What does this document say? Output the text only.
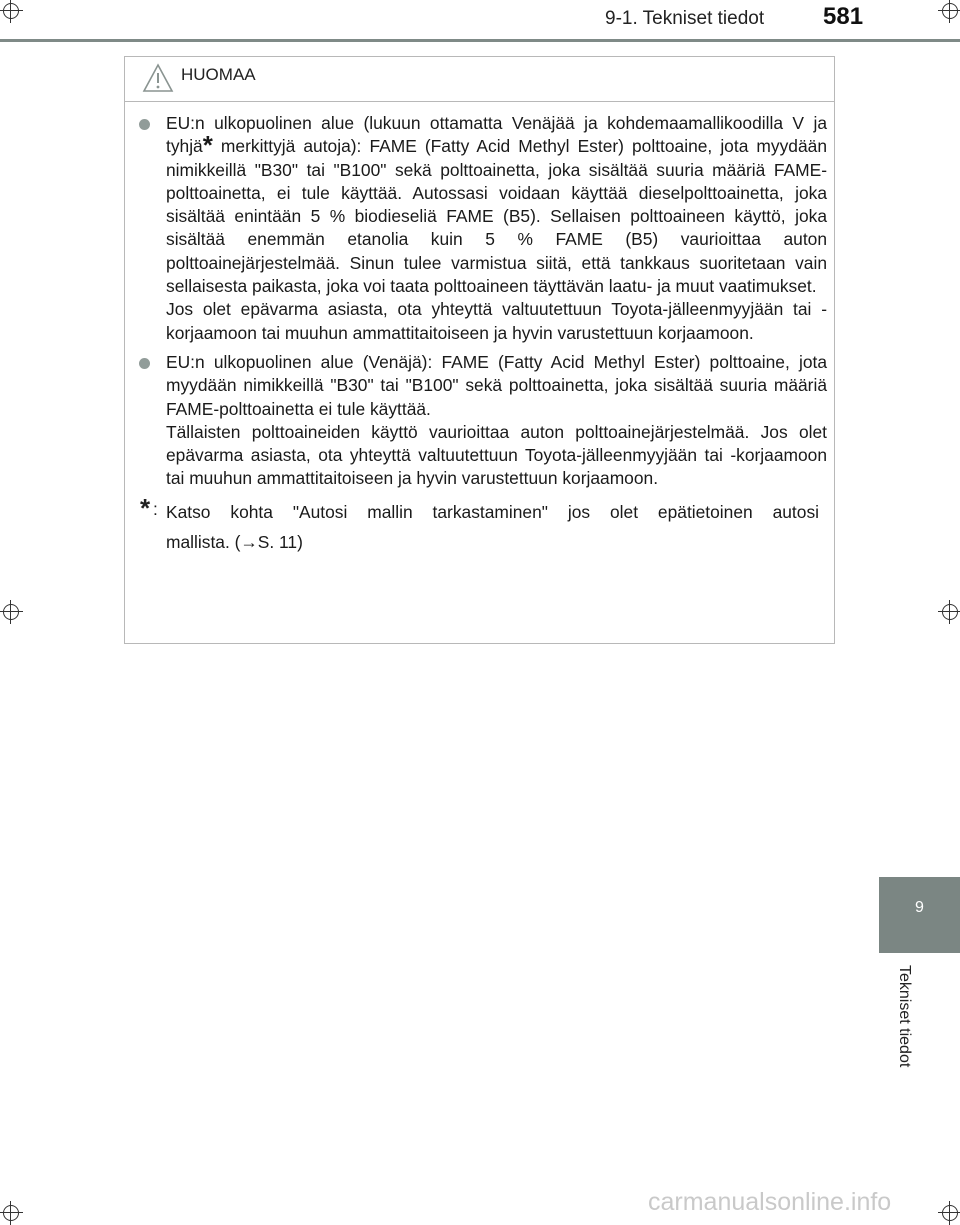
9-1. Tekniset tiedot 581
9
Tekniset tiedot
HUOMAA

EU:n ulkopuolinen alue (lukuun ottamatta Venäjää ja kohdemaamallikoodilla V ja tyhjä* merkittyjä autoja): FAME (Fatty Acid Methyl Ester) polttoaine, jota myydään nimikkeillä "B30" tai "B100" sekä polttoainetta, joka sisältää suuria määriä FAME-polttoainetta, ei tule käyttää. Autossasi voidaan käyttää dieselpolttoainetta, joka sisältää enintään 5 % biodieseliä FAME (B5). Sellaisen polttoaineen käyttö, joka sisältää enemmän etanolia kuin 5 % FAME (B5) vaurioittaa auton polttoainejärjestelmää. Sinun tulee varmistua siitä, että tankkaus suoritetaan vain sellaisesta paikasta, joka voi taata polttoaineen täyttävän laatu- ja muut vaatimukset.

Jos olet epävarma asiasta, ota yhteyttä valtuutettuun Toyota-jälleenmyyjään tai -korjaamoon tai muuhun ammattitaitoiseen ja hyvin varustettuun korjaamoon.

EU:n ulkopuolinen alue (Venäjä): FAME (Fatty Acid Methyl Ester) polttoaine, jota myydään nimikkeillä "B30" tai "B100" sekä polttoainetta, joka sisältää suuria määriä FAME-polttoainetta ei tule käyttää.

Tällaisten polttoaineiden käyttö vaurioittaa auton polttoainejärjestelmää. Jos olet epävarma asiasta, ota yhteyttä valtuutettuun Toyota-jälleenmyyjään tai -korjaamoon tai muuhun ammattitaitoiseen ja hyvin varustettuun korjaamoon.

* : Katso kohta "Autosi mallin tarkastaminen" jos olet epätietoinen autosi

mallista. (→S. 11)

carmanualsonline.info
